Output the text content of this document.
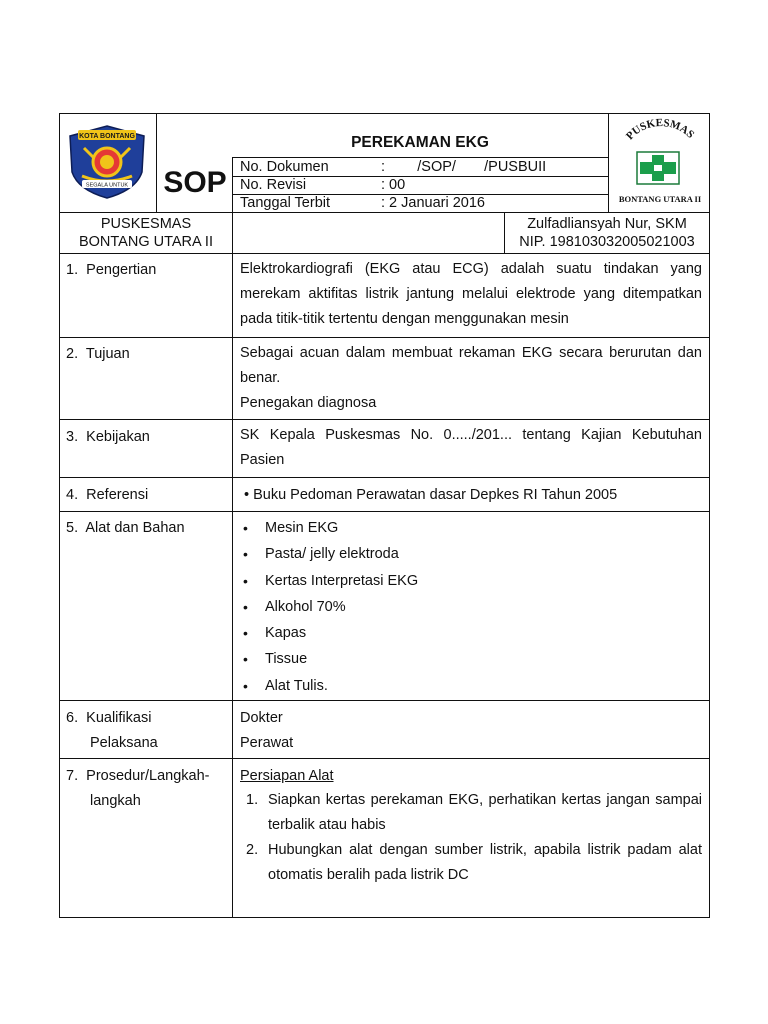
KOTA BONTANG
SEGALA UNTUK SOP
PEREKAMAN EKG
No. Dokumen	:        /SOP/       /PUSBUII
No. Revisi	: 00
Tanggal Terbit	: 2 Januari 2016
PUSKESMAS
BONTANG UTARA II
PUSKESMAS
BONTANG UTARA II
Zulfadliansyah Nur, SKM
NIP. 198103032005021003
1.  Pengertian	Elektrokardiografi (EKG atau ECG) adalah suatu tindakan yang merekam aktifitas listrik jantung melalui elektrode yang ditempatkan pada titik-titik tertentu dengan menggunakan mesin
2.  Tujuan	Sebagai acuan dalam membuat rekaman EKG secara berurutan dan benar.
Penegakan diagnosa
3.  Kebijakan	SK Kepala Puskesmas No. 0...../201... tentang Kajian Kebutuhan Pasien
4.  Referensi	• Buku Pedoman Perawatan dasar Depkes RI Tahun 2005
5.  Alat dan Bahan
•	Mesin EKG
• Pasta/ jelly elektroda
• Kertas Interpretasi EKG
• Alkohol 70%
• Kapas
• Tissue
• Alat Tulis.
6.  Kualifikasi
Pelaksana
Dokter
Perawat
7.  Prosedur/Langkah-
langkah
Persiapan Alat
1. Siapkan kertas perekaman EKG, perhatikan kertas jangan sampai terbalik atau habis
2. Hubungkan alat dengan sumber listrik, apabila listrik padam alat otomatis beralih pada listrik DC
